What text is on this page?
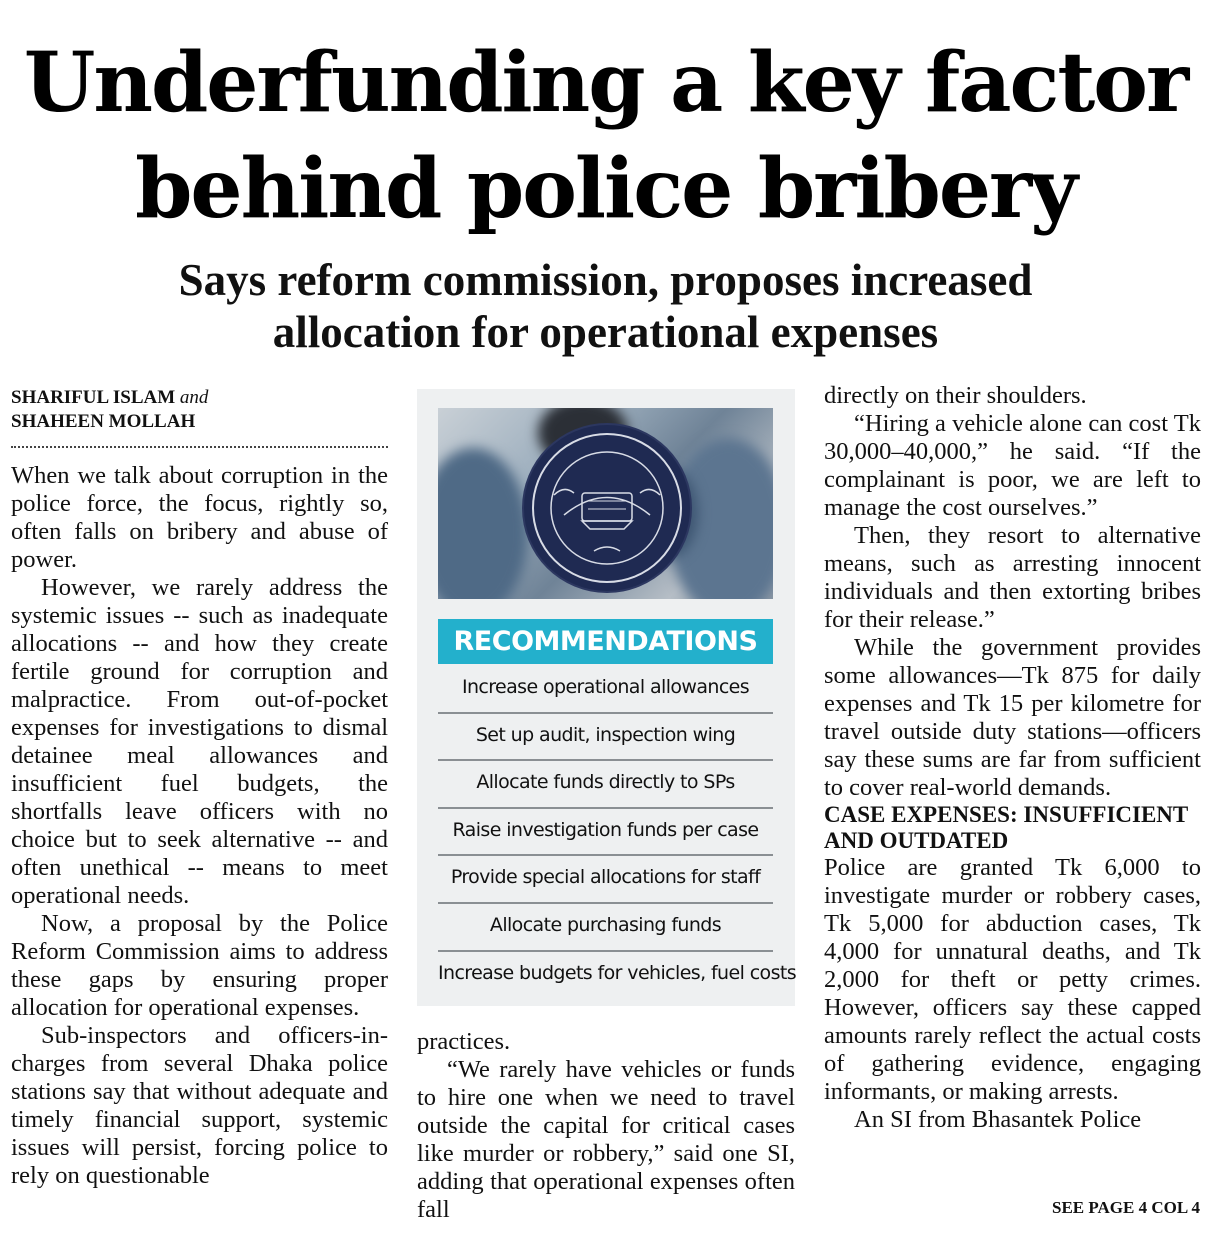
Underfunding a key factor
behind police bribery
Says reform commission, proposes increased
allocation for operational expenses
SHARIFUL ISLAM and
SHAHEEN MOLLAH

When we talk about corruption in the police force, the focus, rightly so, often falls on bribery and abuse of power.

However, we rarely address the systemic issues -- such as inadequate allocations -- and how they create fertile ground for corruption and malpractice. From out-of-pocket expenses for investigations to dismal detainee meal allowances and insufficient fuel budgets, the shortfalls leave officers with no choice but to seek alternative -- and often unethical -- means to meet operational needs.

Now, a proposal by the Police Reform Commission aims to address these gaps by ensuring proper allocation for operational expenses.

Sub-inspectors and officers-in-charges from several Dhaka police stations say that without adequate and timely financial support, systemic issues will persist, forcing police to rely on questionable

RECOMMENDATIONS
Increase operational allowances
Set up audit, inspection wing
Allocate funds directly to SPs
Raise investigation funds per case
Provide special allocations for staff
Allocate purchasing funds
Increase budgets for vehicles, fuel costs

practices.

“We rarely have vehicles or funds to hire one when we need to travel outside the capital for critical cases like murder or robbery,” said one SI, adding that operational expenses often fall

directly on their shoulders.

“Hiring a vehicle alone can cost Tk 30,000–40,000,” he said. “If the complainant is poor, we are left to manage the cost ourselves.”

Then, they resort to alternative means, such as arresting innocent individuals and then extorting bribes for their release.”

While the government provides some allowances—Tk 875 for daily expenses and Tk 15 per kilometre for travel outside duty stations—officers say these sums are far from sufficient to cover real-world demands.

CASE EXPENSES: INSUFFICIENT AND OUTDATED

Police are granted Tk 6,000 to investigate murder or robbery cases, Tk 5,000 for abduction cases, Tk 4,000 for unnatural deaths, and Tk 2,000 for theft or petty crimes. However, officers say these capped amounts rarely reflect the actual costs of gathering evidence, engaging informants, or making arrests.

An SI from Bhasantek Police

SEE PAGE 4 COL 4
